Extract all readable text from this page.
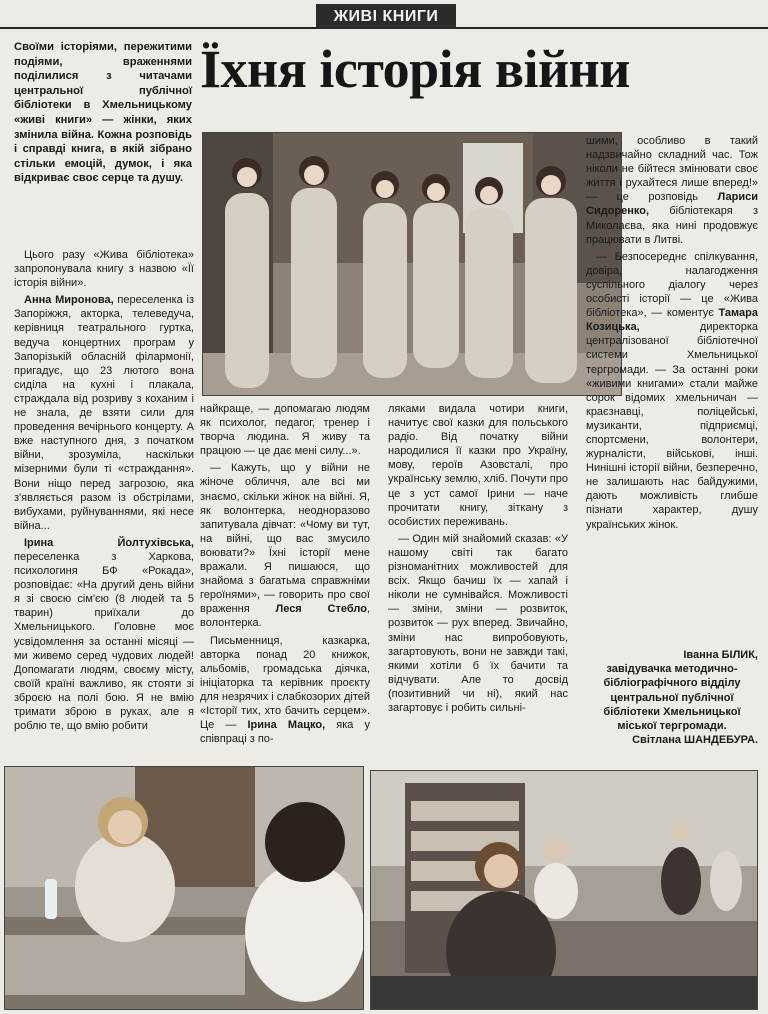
ЖИВІ КНИГИ
Їхня історія війни
Своїми історіями, пережитими подіями, враженнями поділилися з читачами центральної публічної бібліотеки в Хмельницькому «живі книги» — жінки, яких змінила війна. Кожна розповідь і справді книга, в якій зібрано стільки емоцій, думок, і яка відкриває своє серце та душу.

Цього разу «Жива бібліотека» запропонувала книгу з назвою «Її історія війни».

Анна Миронова, переселенка із Запоріжжя, акторка, телеведуча, керівниця театрального гуртка, ведуча концертних програм у Запорізькій обласній філармонії, пригадує, що 23 лютого вона сиділа на кухні і плакала, страждала від розриву з коханим і не знала, де взяти сили для проведення вечірнього концерту. А вже наступного дня, з початком війни, зрозуміла, наскільки мізерними були ті «страждання». Вони ніщо перед загрозою, яка з'являється разом із обстрілами, вибухами, руйнуваннями, які несе війна...

Ірина Йолтухівська, переселенка з Харкова, психологиня БФ «Рокада», розповідає: «На другий день війни я зі своєю сім'єю (8 людей та 5 тварин) приїхали до Хмельницького. Головне моє усвідомлення за останні місяці — ми живемо серед чудових людей! Допомагати людям, своєму місту, своїй країні важливо, як стояти зі зброєю на полі бою. Я не вмію тримати зброю в руках, але я роблю те, що вмію робити

найкраще, — допомагаю людям як психолог, педагог, тренер і творча людина. Я живу та працюю — це дає мені силу...».

— Кажуть, що у війни не жіноче обличчя, але всі ми знаємо, скільки жінок на війні. Я, як волонтерка, неодноразово запитувала дівчат: «Чому ви тут, на війні, що вас змусило воювати?» Їхні історії мене вражали. Я пишаюся, що знайома з багатьма справжніми героїнями», — говорить про свої враження Леся Стебло, волонтерка.

Письменниця, казкарка, авторка понад 20 книжок, альбомів, громадська діячка, ініціаторка та керівник проєкту для незрячих і слабкозорих дітей «Історії тих, хто бачить серцем». Це — Ірина Мацко, яка у співпраці з по-

ляками видала чотири книги, начитує свої казки для польського радіо. Від початку війни народилися її казки про Україну, мову, героїв Азовсталі, про українську землю, хліб. Почути про це з уст самої Ірини — наче прочитати книгу, зіткану з особистих переживань.

— Один мій знайомий сказав: «У нашому світі так багато різноманітних можливостей для всіх. Якщо бачиш їх — хапай і ніколи не сумнівайся. Можливості — зміни, зміни — розвиток, розвиток — рух вперед. Звичайно, зміни нас випробовують, загартовують, вони не завжди такі, якими хотіли б їх бачити та відчувати. Але то досвід (позитивний чи ні), який нас загартовує і робить сильні-

шими, особливо в такий надзвичайно складний час. Тож ніколи не бійтеся змінювати своє життя і рухайтеся лише вперед!» — це розповідь Лариси Сидоренко, бібліотекаря з Миколаєва, яка нині продовжує працювати в Литві.

— Безпосереднє спілкування, довіра, налагодження суспільного діалогу через особисті історії — це «Жива бібліотека», — коментує Тамара Козицька, директорка централізованої бібліотечної системи Хмельницької тергромади. — За останні роки «живими книгами» стали майже сорок відомих хмельничан — краєзнавці, поліцейські, музиканти, підприємці, спортсмени, волонтери, журналісти, військові, інші. Нинішні історії війни, безперечно, не залишають нас байдужими, дають можливість глибше пізнати характер, душу українських жінок.

Іванна БІЛИК,
завідувачка методично-бібліографічного відділу центральної публічної бібліотеки Хмельницької міської тергромади.
Світлана ШАНДЕБУРА.
